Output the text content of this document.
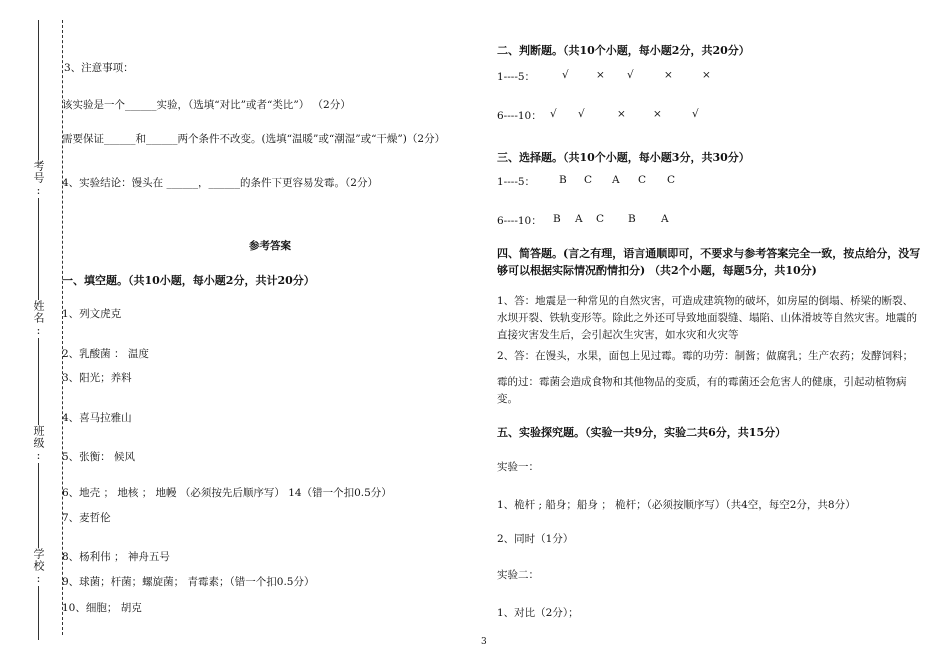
考号:
姓名:
班级:
学校:
3、注意事项：
该实验是一个______实验，（选填“对比”或者“类比”） （2分）
需要保证______和______两个条件不改变。(选填“温暖”或“潮湿”或“干燥”)（2分）
4、实验结论：馒头在 ______，______的条件下更容易发霉。（2分）
参考答案
一、填空题。（共10小题，每小题2分，共计20分）
1、列文虎克
2、乳酸菌 ： 温度
3、阳光；养料
4、喜马拉雅山
5、张衡： 候风
6、地壳 ； 地核 ； 地幔 （必须按先后顺序写） 14（错一个扣0.5分）
7、麦哲伦
8、杨利伟 ； 神舟五号
9、球菌；杆菌；螺旋菌； 青霉素；（错一个扣0.5分）
10、细胞； 胡克
二、判断题。（共10个小题，每小题2分，共20分）
1----5：	√	× √	×	×
6----10： √ √	×	×	√
三、选择题。（共10个小题，每小题3分，共30分）
1----5： B C A C C
6----10： B A C B A
四、简答题。(言之有理，语言通顺即可，不要求与参考答案完全一致，按点给分，没写够可以根据实际情况酌情扣分) （共2个小题，每题5分，共10分)
1、答：地震是一种常见的自然灾害，可造成建筑物的破坏，如房屋的倒塌、桥梁的断裂、水坝开裂、铁轨变形等。除此之外还可导致地面裂缝、塌陷、山体滑坡等自然灾害。地震的直接灾害发生后，会引起次生灾害，如水灾和火灾等
2、答：在馒头，水果，面包上见过霉。霉的功劳：制酱；做腐乳；生产农药；发酵饲料；
霉的过：霉菌会造成食物和其他物品的变质，有的霉菌还会危害人的健康，引起动植物病变。
五、实验探究题。（实验一共9分，实验二共6分，共15分）
实验一：
1、桅杆 ; 船身；船身 ； 桅杆；（必须按顺序写）（共4空，每空2分，共8分）
2、同时（1分）
实验二：
1、对比（2分）；
3
